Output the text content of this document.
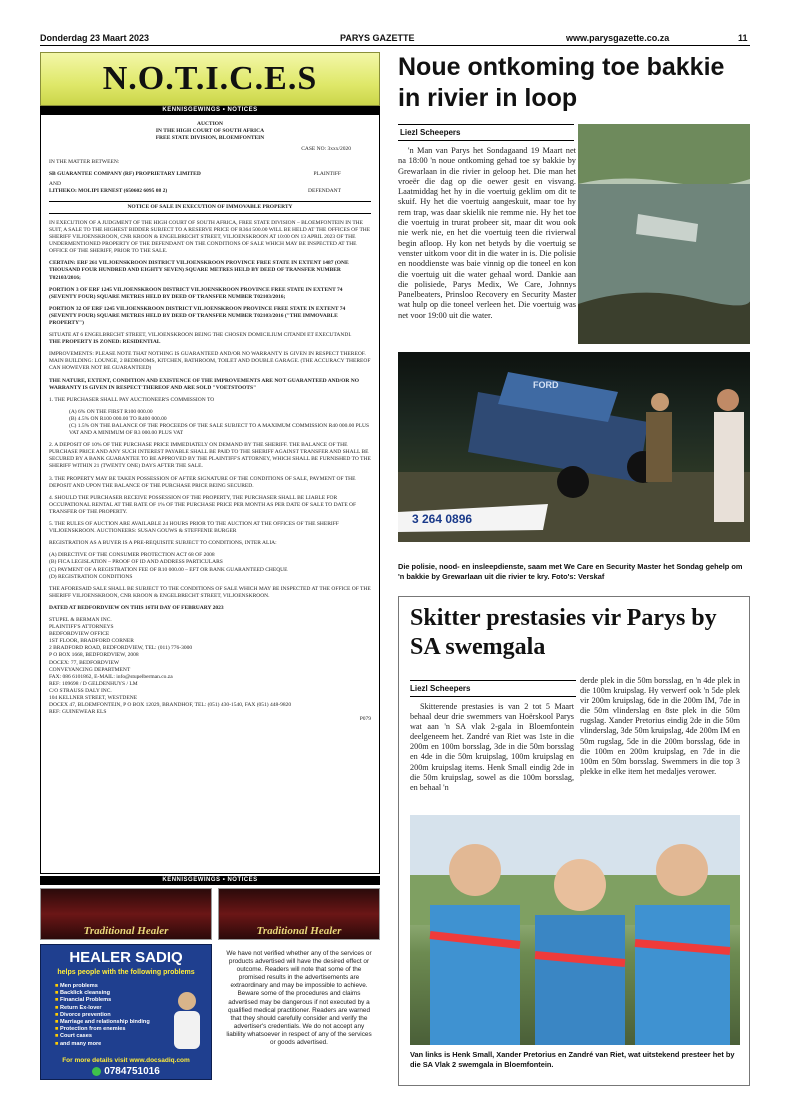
Donderdag 23 Maart 2023	PARYS GAZETTE	www.parysgazette.co.za	11
N.O.T.I.C.E.S
KENNISGEWINGS • NOTICES
AUCTION
IN THE HIGH COURT OF SOUTH AFRICA
FREE STATE DIVISION, BLOEMFONTEIN
CASE NO: 3xxx/2020

IN THE MATTER BETWEEN:

SB GUARANTEE COMPANY (RF) PROPRIETARY LIMITED	PLAINTIFF
AND
LITHEKO: MOLIPI ERNEST (650602 6095 08 2)	DEFENDANT
NOTICE OF SALE IN EXECUTION OF IMMOVABLE PROPERTY

IN EXECUTION OF A JUDGMENT OF THE HIGH COURT OF SOUTH AFRICA, FREE STATE DIVISION – BLOEMFONTEIN IN THE SUIT, A SALE TO THE HIGHEST BIDDER SUBJECT TO A RESERVE PRICE OF R364 500.00 WILL BE HELD AT THE OFFICES OF THE SHERIFF VILJOENSKROON, CNR KROON & ENGELBRECHT STREET, VILJOENSKROON AT 10:00 ON 13 APRIL 2023 OF THE UNDERMENTIONED PROPERTY OF THE DEFENDANT ON THE CONDITIONS OF SALE WHICH MAY BE INSPECTED AT THE OFFICE OF THE SHERIFF, PRIOR TO THE SALE.

CERTAIN: ERF 261 VILJOENSKROON DISTRICT VILJOENSKROON PROVINCE FREE STATE IN EXTENT 1487 (ONE THOUSAND FOUR HUNDRED AND EIGHTY SEVEN) SQUARE METRES HELD BY DEED OF TRANSFER NUMBER T02103/2016;

PORTION 3 OF ERF 1245 VILJOENSKROON DISTRICT VILJOENSKROON PROVINCE FREE STATE IN EXTENT 74 (SEVENTY FOUR) SQUARE METRES HELD BY DEED OF TRANSFER NUMBER T02103/2016;

PORTION 32 OF ERF 1245 VILJOENSKROON DISTRICT VILJOENSKROON PROVINCE FREE STATE IN EXTENT 74 (SEVENTY FOUR) SQUARE METRES HELD BY DEED OF TRANSFER NUMBER T02103/2016 ("THE IMMOVABLE PROPERTY")

SITUATE AT 6 ENGELBRECHT STREET, VILJOENSKROON BEING THE CHOSEN DOMICILIUM CITANDI ET EXECUTANDI.

THE PROPERTY IS ZONED: RESIDENTIAL

IMPROVEMENTS: PLEASE NOTE THAT NOTHING IS GUARANTEED AND/OR NO WARRANTY IS GIVEN IN RESPECT THEREOF. MAIN BUILDING: LOUNGE, 2 BEDROOMS, KITCHEN, BATHROOM, TOILET AND DOUBLE GARAGE. (THE ACCURACY THEREOF CAN HOWEVER NOT BE GUARANTEED)

THE NATURE, EXTENT, CONDITION AND EXISTENCE OF THE IMPROVEMENTS ARE NOT GUARANTEED AND/OR NO WARRANTY IS GIVEN IN RESPECT THEREOF AND ARE SOLD "VOETSTOOTS"

1. THE PURCHASER SHALL PAY AUCTIONEER'S COMMISSION TO

(A) 6% ON THE FIRST R100 000.00
(B) 4.5% ON R100 000.00 TO R400 000.00

(C) 1.5% ON THE BALANCE OF THE PROCEEDS OF THE SALE SUBJECT TO A MAXIMUM COMMISSION R40 000.00 PLUS VAT AND A MINIMUM OF R3 000.00 PLUS VAT

2. A DEPOSIT OF 10% OF THE PURCHASE PRICE IMMEDIATELY ON DEMAND BY THE SHERIFF. THE BALANCE OF THE PURCHASE PRICE AND ANY SUCH INTEREST PAYABLE SHALL BE PAID TO THE SHERIFF AGAINST TRANSFER AND SHALL BE SECURED BY A BANK GUARANTEE TO BE APPROVED BY THE PLAINTIFF'S ATTORNEY, WHICH SHALL BE FURNISHED TO THE SHERIFF WITHIN 21 (TWENTY ONE) DAYS AFTER THE SALE.

3. THE PROPERTY MAY BE TAKEN POSSESSION OF AFTER SIGNATURE OF THE CONDITIONS OF SALE, PAYMENT OF THE DEPOSIT AND UPON THE BALANCE OF THE PURCHASE PRICE BEING SECURED.

4. SHOULD THE PURCHASER RECEIVE POSSESSION OF THE PROPERTY, THE PURCHASER SHALL BE LIABLE FOR OCCUPATIONAL RENTAL AT THE RATE OF 1% OF THE PURCHASE PRICE PER MONTH AS PER DATE OF SALE TO DATE OF TRANSFER OF THE PROPERTY.

5. THE RULES OF AUCTION ARE AVAILABLE 24 HOURS PRIOR TO THE AUCTION AT THE OFFICES OF THE SHERIFF VILJOENSKROON. AUCTIONEERS: SUSAN GOUWS & STEFFENIE BURGER

REGISTRATION AS A BUYER IS A PRE-REQUISITE SUBJECT TO CONDITIONS, INTER ALIA:

(A) DIRECTIVE OF THE CONSUMER PROTECTION ACT 68 OF 2008
(B) FICA LEGISLATION – PROOF OF ID AND ADDRESS PARTICULARS
(C) PAYMENT OF A REGISTRATION FEE OF R10 000.00 – EFT OR BANK GUARANTEED CHEQUE

(D) REGISTRATION CONDITIONS

THE AFORESAID SALE SHALL BE SUBJECT TO THE CONDITIONS OF SALE WHICH MAY BE INSPECTED AT THE OFFICE OF THE SHERIFF VILJOENSKROON, CNR KROON & ENGELBRECHT STREET, VILJOENSKROON.

DATED AT BEDFORDVIEW ON THIS 16TH DAY OF FEBRUARY 2023

STUPEL & BERMAN INC.
PLAINTIFF'S ATTORNEYS
BEDFORDVIEW OFFICE
1ST FLOOR, BRADFORD CORNER
2 BRADFORD ROAD, BEDFORDVIEW, TEL: (011) 776-3000
P O BOX 1668, BEDFORDVIEW, 2008
DOCEX: 77, BEDFORDVIEW
CONVEYANCING DEPARTMENT
FAX: 086 6101862, E-MAIL: info@stupelberman.co.za
REF: 109698 / D GELDENHUYS / LM
C/O STRAUSS DALY INC.
104 KELLNER STREET, WESTDENE
DOCEX 47, BLOEMFONTEIN, P O BOX 12029, BRANDHOF, TEL: (051) 430-1540, FAX (051) 448-9820
REF: GUINEWEAR ELS
P079
KENNISGEWINGS • NOTICES
Traditional Healer	Traditional Healer
HEALER SADIQ
helps people with the following problems
■ Men problems
■ Backlick cleansing
■ Financial Problems
■ Return Ex-lover
■ Divorce prevention
■ Marriage and relationship binding
■ Protection from enemies
■ Court cases
■ and many more
For more details visit www.docsadiq.com
0784751016
We have not verified whether any of the services or products advertised will have the desired effect or outcome. Readers will note that some of the promised results in the advertisements are extraordinary and may be impossible to achieve. Beware some of the procedures and claims advertised may be dangerous if not executed by a qualified medical practitioner. Readers are warned that they should carefully consider and verify the advertiser's credentials. We do not accept any liability whatsoever in respect of any of the services or goods advertised.
Noue ontkoming toe bakkie in rivier in loop
Liezl Scheepers
'n Man van Parys het Sondagaand 19 Maart net na 18:00 'n noue ontkoming gehad toe sy bakkie by Grewarlaan in die rivier in geloop het. Die man het vroeër die dag op die oewer gesit en visvang. Laatmiddag het hy in die voertuig geklim om dit te skuif. Hy het die voertuig aangeskuit, maar toe hy rem trap, was daar skielik nie remme nie. Hy het toe die voertuig in trurat probeer sit, maar dit wou ook nie werk nie, en het die voertuig teen die rivierwal begin afloop. Hy kon net betyds by die voertuig se venster uitkom voor dit in die water in is. Die polisie en nooddienste was baie vinnig op die toneel en kon die voertuig uit die water gehaal word. Dankie aan die polisiede, Parys Medix, We Care, Johnnys Panelbeaters, Prinsloo Recovery en Security Master wat hulp op die toneel verleen het. Die voertuig was net voor 19:00 uit die water.
FORD
3 264 0896
Die polisie, nood- en insleepdienste, saam met We Care en Security Master het Sondag gehelp om 'n bakkie by Grewarlaan uit die rivier te kry. Foto's: Verskaf
Skitter prestasies vir Parys by SA swemgala
Liezl Scheepers
Skitterende prestasies is van 2 tot 5 Maart behaal deur drie swemmers van Hoërskool Parys wat aan 'n SA vlak 2-gala in Bloemfontein deelgeneem het. Zandré van Riet was 1ste in die 200m en 100m borsslag, 3de in die 50m borsslag en 4de in die 50m kruipslag, 100m kruipslag en 200m kruipslag items. Henk Small eindig 2de in die 50m kruipslag, sowel as die 100m borsslag, en behaal 'n
derde plek in die 50m borsslag, en 'n 4de plek in die 100m kruipslag. Hy verwerf ook 'n 5de plek vir 200m kruipslag, 6de in die 200m IM, 7de in die 50m vlinderslag en 8ste plek in die 50m rugslag. Xander Pretorius eindig 2de in die 50m vlinderslag, 3de 50m kruipslag, 4de 200m IM en 50m rugslag, 5de in die 200m borsslag, 6de in die 100m en 200m kruipslag, en 7de in die 100m en 50m borsslag. Swemmers in die top 3 plekke in elke item het medaljes verower.
Van links is Henk Small, Xander Pretorius en Zandré van Riet, wat uitstekend presteer het by die SA Vlak 2 swemgala in Bloemfontein.
